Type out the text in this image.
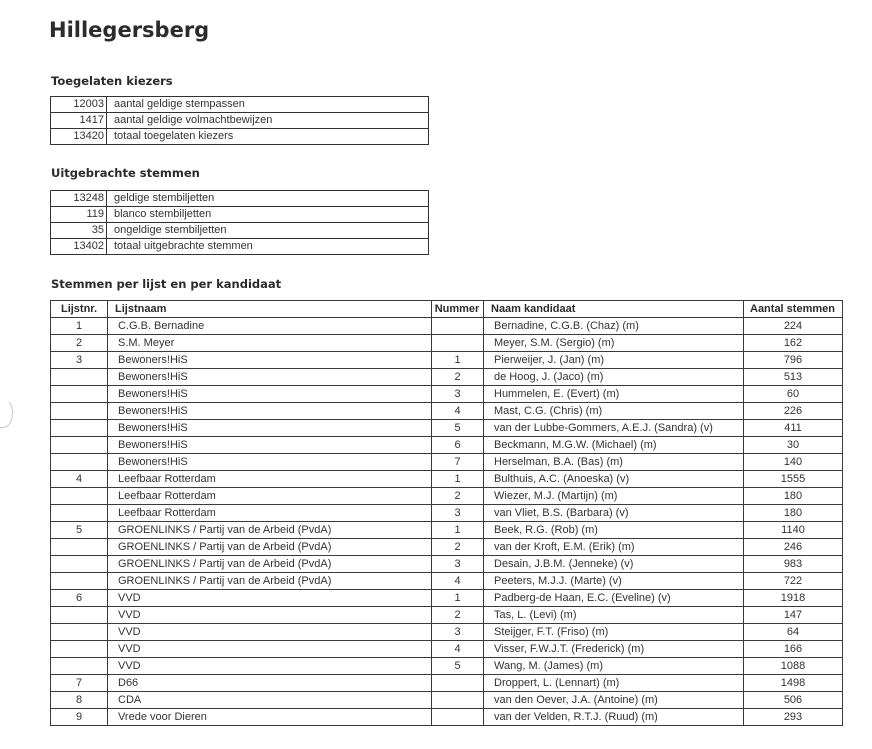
Hillegersberg
Toegelaten kiezers
12003	aantal geldige stempassen
1417	aantal geldige volmachtbewijzen
13420	totaal toegelaten kiezers
Uitgebrachte stemmen
13248	geldige stembiljetten
119	blanco stembiljetten
35	ongeldige stembiljetten
13402	totaal uitgebrachte stemmen
Stemmen per lijst en per kandidaat
Lijstnr.	Lijstnaam	Nummer	Naam kandidaat	Aantal stemmen
1	C.G.B. Bernadine		Bernadine, C.G.B. (Chaz) (m)	224
2	S.M. Meyer		Meyer, S.M. (Sergio) (m)	162
3	Bewoners!HiS	1	Pierweijer, J. (Jan) (m)	796
	Bewoners!HiS	2	de Hoog, J. (Jaco) (m)	513
	Bewoners!HiS	3	Hummelen, E. (Evert) (m)	60
	Bewoners!HiS	4	Mast, C.G. (Chris) (m)	226
	Bewoners!HiS	5	van der Lubbe-Gommers, A.E.J. (Sandra) (v)	411
	Bewoners!HiS	6	Beckmann, M.G.W. (Michael) (m)	30
	Bewoners!HiS	7	Herselman, B.A. (Bas) (m)	140
4	Leefbaar Rotterdam	1	Bulthuis, A.C. (Anoeska) (v)	1555
	Leefbaar Rotterdam	2	Wiezer, M.J. (Martijn) (m)	180
	Leefbaar Rotterdam	3	van Vliet, B.S. (Barbara) (v)	180
5	GROENLINKS / Partij van de Arbeid (PvdA)	1	Beek, R.G. (Rob) (m)	1140
	GROENLINKS / Partij van de Arbeid (PvdA)	2	van der Kroft, E.M. (Erik) (m)	246
	GROENLINKS / Partij van de Arbeid (PvdA)	3	Desain, J.B.M. (Jenneke) (v)	983
	GROENLINKS / Partij van de Arbeid (PvdA)	4	Peeters, M.J.J. (Marte) (v)	722
6	VVD	1	Padberg-de Haan, E.C. (Eveline) (v)	1918
	VVD	2	Tas, L. (Levi) (m)	147
	VVD	3	Steijger, F.T. (Friso) (m)	64
	VVD	4	Visser, F.W.J.T. (Frederick) (m)	166
	VVD	5	Wang, M. (James) (m)	1088
7	D66		Droppert, L. (Lennart) (m)	1498
8	CDA		van den Oever, J.A. (Antoine) (m)	506
9	Vrede voor Dieren		van der Velden, R.T.J. (Ruud) (m)	293
